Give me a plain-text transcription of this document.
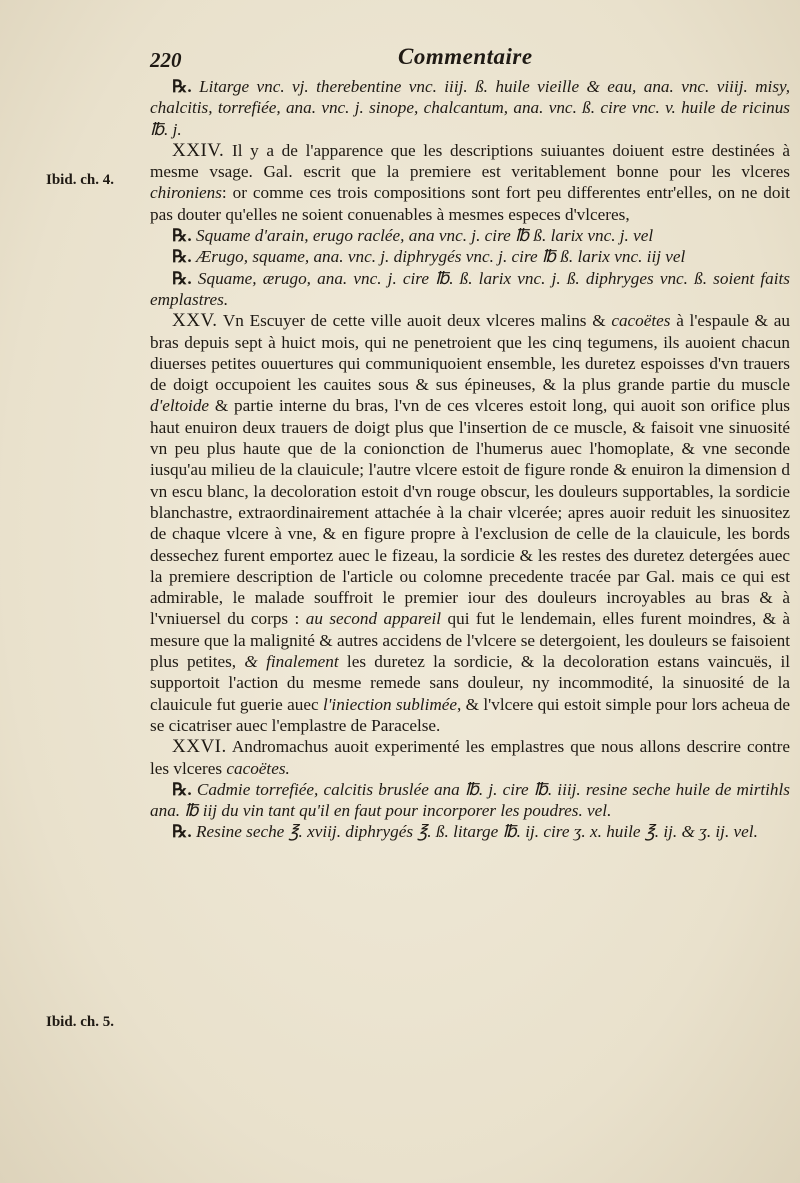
220	Commentaire
Ibid. ch. 4.
Ibid. ch. 5.

℞. Litarge vnc. vj. therebentine vnc. iiij. ß. huile vieille & eau, ana. vnc. viiij. misy, chalcitis, torrefiée, ana. vnc. j. sinope, chalcantum, ana. vnc. ß. cire vnc. v. huile de ricinus ℔. j.

XXIV. Il y a de l'apparence que les descriptions suiuantes doiuent estre destinées à mesme vsage. Gal. escrit que la premiere est veritablement bonne pour les vlceres chironiens: or comme ces trois compositions sont fort peu differentes entr'elles, on ne doit pas douter qu'elles ne soient conuenables à mesmes especes d'vlceres,

℞. Squame d'arain, erugo raclée, ana vnc. j. cire ℔ ß. larix vnc. j. vel

℞. Ærugo, squame, ana. vnc. j. diphrygés vnc. j. cire ℔ ß. larix vnc. iij vel

℞. Squame, ærugo, ana. vnc. j. cire ℔. ß. larix vnc. j. ß. diphryges vnc. ß. soient faits emplastres.

XXV. Vn Escuyer de cette ville auoit deux vlceres malins & cacoëtes à l'espaule & au bras depuis sept à huict mois, qui ne penetroient que les cinq tegumens, ils auoient chacun diuerses petites ouuertures qui communiquoient ensemble, les duretez espoisses d'vn trauers de doigt occupoient les cauites sous & sus épineuses, & la plus grande partie du muscle d'eltoide & partie interne du bras, l'vn de ces vlceres estoit long, qui auoit son orifice plus haut enuiron deux trauers de doigt plus que l'insertion de ce muscle, & faisoit vne sinuosité vn peu plus haute que de la conionction de l'humerus auec l'homoplate, & vne seconde iusqu'au milieu de la clauicule; l'autre vlcere estoit de figure ronde & enuiron la dimension d vn escu blanc, la decoloration estoit d'vn rouge obscur, les douleurs supportables, la sordicie blanchastre, extraordinairement attachée à la chair vlcerée; apres auoir reduit les sinuositez de chaque vlcere à vne, & en figure propre à l'exclusion de celle de la clauicule, les bords dessechez furent emportez auec le fizeau, la sordicie & les restes des duretez detergées auec la premiere description de l'article ou colomne precedente tracée par Gal. mais ce qui est admirable, le malade souffroit le premier iour des douleurs incroyables au bras & à l'vniuersel du corps : au second appareil qui fut le lendemain, elles furent moindres, & à mesure que la malignité & autres accidens de l'vlcere se detergoient, les douleurs se faisoient plus petites, & finalement les duretez la sordicie, & la decoloration estans vaincuës, il supportoit l'action du mesme remede sans douleur, ny incommodité, la sinuosité de la clauicule fut guerie auec l'iniection sublimée, & l'vlcere qui estoit simple pour lors acheua de se cicatriser auec l'emplastre de Paracelse.

XXVI. Andromachus auoit experimenté les emplastres que nous allons descrire contre les vlceres cacoëtes.

℞. Cadmie torrefiée, calcitis bruslée ana ℔. j. cire ℔. iiij. resine seche huile de mirtihls ana. ℔ iij du vin tant qu'il en faut pour incorporer les poudres. vel.

℞. Resine seche ℥. xviij. diphrygés ℥. ß. litarge ℔. ij. cire ʒ. x. huile ℥. ij. & ʒ. ij. vel.
